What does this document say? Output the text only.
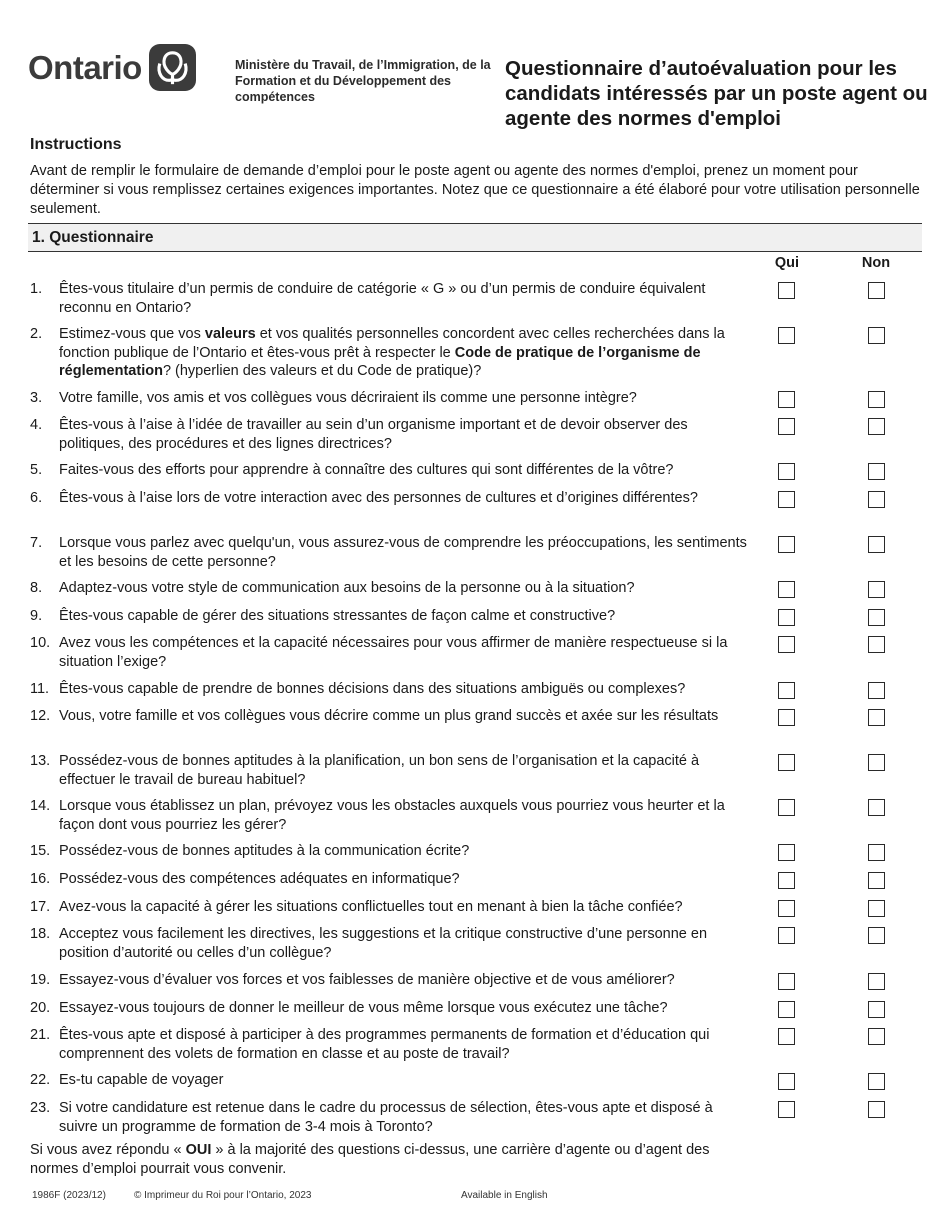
Ontario	Ministère du Travail, de l’Immigration, de la Formation et du Développement des compétences
Questionnaire d’autoévaluation pour les candidats intéressés par un poste agent ou agente des normes d'emploi
Instructions
Avant de remplir le formulaire de demande d’emploi pour le poste agent ou agente des normes d'emploi, prenez un moment pour déterminer si vous remplissez certaines exigences importantes. Notez que ce questionnaire a été élaboré pour votre utilisation personnelle seulement.
1. Questionnaire
Qui	Non
1.	Êtes-vous titulaire d’un permis de conduire de catégorie « G » ou d’un permis de conduire équivalent reconnu en Ontario?
2.	Estimez-vous que vos valeurs et vos qualités personnelles concordent avec celles recherchées dans la fonction publique de l’Ontario et êtes-vous prêt à respecter le Code de pratique de l’organisme de réglementation? (hyperlien des valeurs et du Code de pratique)?
3.	Votre famille, vos amis et vos collègues vous décriraient ils comme une personne intègre?
4.	Êtes-vous à l’aise à l’idée de travailler au sein d’un organisme important et de devoir observer des politiques, des procédures et des lignes directrices?
5.	Faites-vous des efforts pour apprendre à connaître des cultures qui sont différentes de la vôtre?
6.	Êtes-vous à l’aise lors de votre interaction avec des personnes de cultures et d’origines différentes?
7.	Lorsque vous parlez avec quelqu'un, vous assurez-vous de comprendre les préoccupations, les sentiments et les besoins de cette personne?
8.	Adaptez-vous votre style de communication aux besoins de la personne ou à la situation?
9.	Êtes-vous capable de gérer des situations stressantes de façon calme et constructive?
10. Avez vous les compétences et la capacité nécessaires pour vous affirmer de manière respectueuse si la situation l’exige?
11. Êtes-vous capable de prendre de bonnes décisions dans des situations ambiguës ou complexes?
12. Vous, votre famille et vos collègues vous décrire comme un plus grand succès et axée sur les résultats
13. Possédez-vous de bonnes aptitudes à la planification, un bon sens de l’organisation et la capacité à effectuer le travail de bureau habituel?
14. Lorsque vous établissez un plan, prévoyez vous les obstacles auxquels vous pourriez vous heurter et la façon dont vous pourriez les gérer?
15. Possédez-vous de bonnes aptitudes à la communication écrite?
16. Possédez-vous des compétences adéquates en informatique?
17. Avez-vous la capacité à gérer les situations conflictuelles tout en menant à bien la tâche confiée?
18. Acceptez vous facilement les directives, les suggestions et la critique constructive d’une personne en position d’autorité ou celles d’un collègue?
19. Essayez-vous d’évaluer vos forces et vos faiblesses de manière objective et de vous améliorer?
20. Essayez-vous toujours de donner le meilleur de vous même lorsque vous exécutez une tâche?
21. Êtes-vous apte et disposé à participer à des programmes permanents de formation et d’éducation qui comprennent des volets de formation en classe et au poste de travail?
22. Es-tu capable de voyager
23. Si votre candidature est retenue dans le cadre du processus de sélection, êtes-vous apte et disposé à suivre un programme de formation de 3-4 mois à Toronto?
Si vous avez répondu « OUI » à la majorité des questions ci-dessus, une carrière d’agente ou d’agent des normes d’emploi pourrait vous convenir.
1986F (2023/12)	© Imprimeur du Roi pour l’Ontario, 2023	Available in English
